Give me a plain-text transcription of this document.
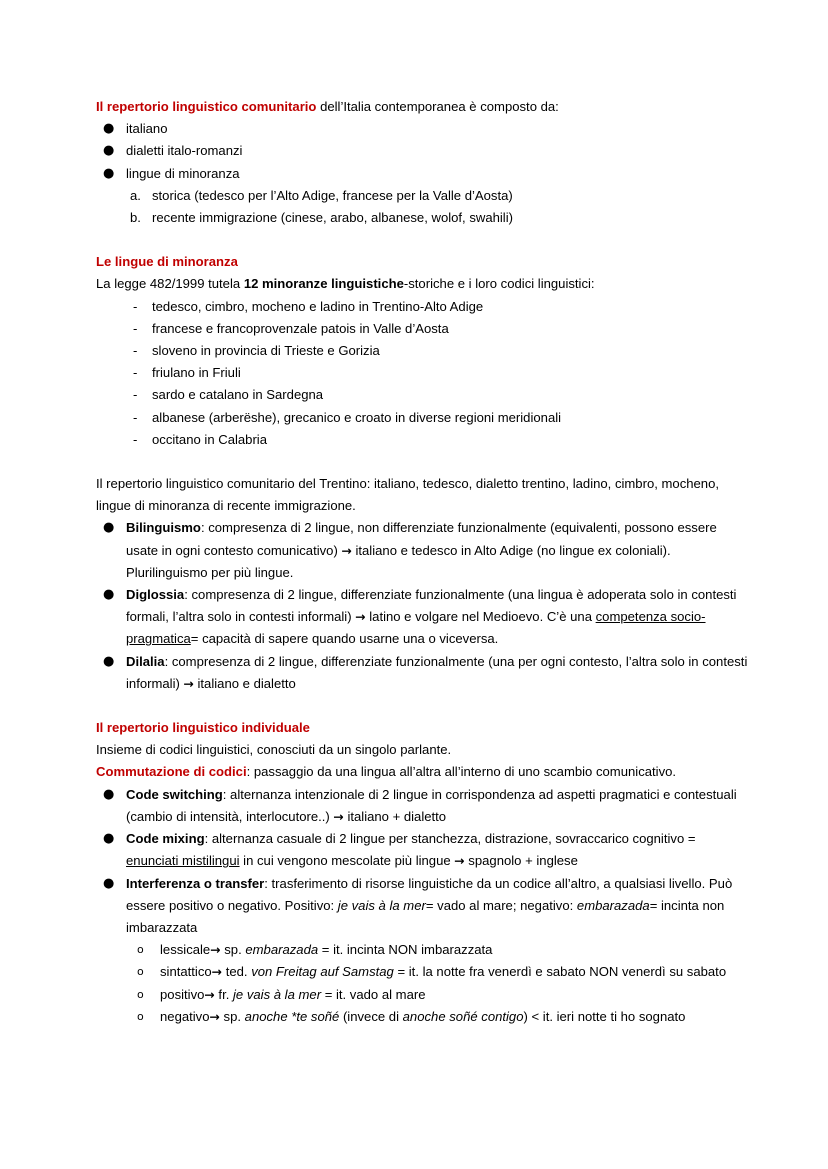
Il repertorio linguistico comunitario dell’Italia contemporanea è composto da:

● italiano
● dialetti italo-romanzi
● lingue di minoranza
a. storica (tedesco per l’Alto Adige, francese per la Valle d’Aosta)
b. recente immigrazione (cinese, arabo, albanese, wolof, swahili)

Le lingue di minoranza

La legge 482/1999 tutela 12 minoranze linguistiche-storiche e i loro codici linguistici:

- tedesco, cimbro, mocheno e ladino in Trentino-Alto Adige
- francese e francoprovenzale patois in Valle d’Aosta
- sloveno in provincia di Trieste e Gorizia
- friulano in Friuli
- sardo e catalano in Sardegna
- albanese (arberëshe), grecanico e croato in diverse regioni meridionali
- occitano in Calabria

Il repertorio linguistico comunitario del Trentino: italiano, tedesco, dialetto trentino, ladino, cimbro, mocheno, lingue di minoranza di recente immigrazione.

● Bilinguismo: compresenza di 2 lingue, non differenziate funzionalmente (equivalenti, possono essere usate in ogni contesto comunicativo) → italiano e tedesco in Alto Adige (no lingue ex coloniali). Plurilinguismo per più lingue.
● Diglossia: compresenza di 2 lingue, differenziate funzionalmente (una lingua è adoperata solo in contesti formali, l’altra solo in contesti informali) → latino e volgare nel Medioevo. C’è una competenza socio-pragmatica= capacità di sapere quando usarne una o viceversa.
● Dilalia: compresenza di 2 lingue, differenziate funzionalmente (una per ogni contesto, l’altra solo in contesti informali) → italiano e dialetto

Il repertorio linguistico individuale

Insieme di codici linguistici, conosciuti da un singolo parlante.

Commutazione di codici: passaggio da una lingua all’altra all’interno di uno scambio comunicativo.

● Code switching: alternanza intenzionale di 2 lingue in corrispondenza ad aspetti pragmatici e contestuali (cambio di intensità, interlocutore..) → italiano + dialetto
● Code mixing: alternanza casuale di 2 lingue per stanchezza, distrazione, sovraccarico cognitivo = enunciati mistilingui in cui vengono mescolate più lingue → spagnolo + inglese
● Interferenza o transfer: trasferimento di risorse linguistiche da un codice all’altro, a qualsiasi livello. Può essere positivo o negativo. Positivo: je vais à la mer= vado al mare; negativo: embarazada= incinta non imbarazzata
o lessicale→ sp. embarazada = it. incinta NON imbarazzata
o sintattico→ ted. von Freitag auf Samstag = it. la notte fra venerdì e sabato NON venerdì su sabato
o positivo→ fr. je vais à la mer = it. vado al mare
o negativo→ sp. anoche *te soñé (invece di anoche soñé contigo) < it. ieri notte ti ho sognato
